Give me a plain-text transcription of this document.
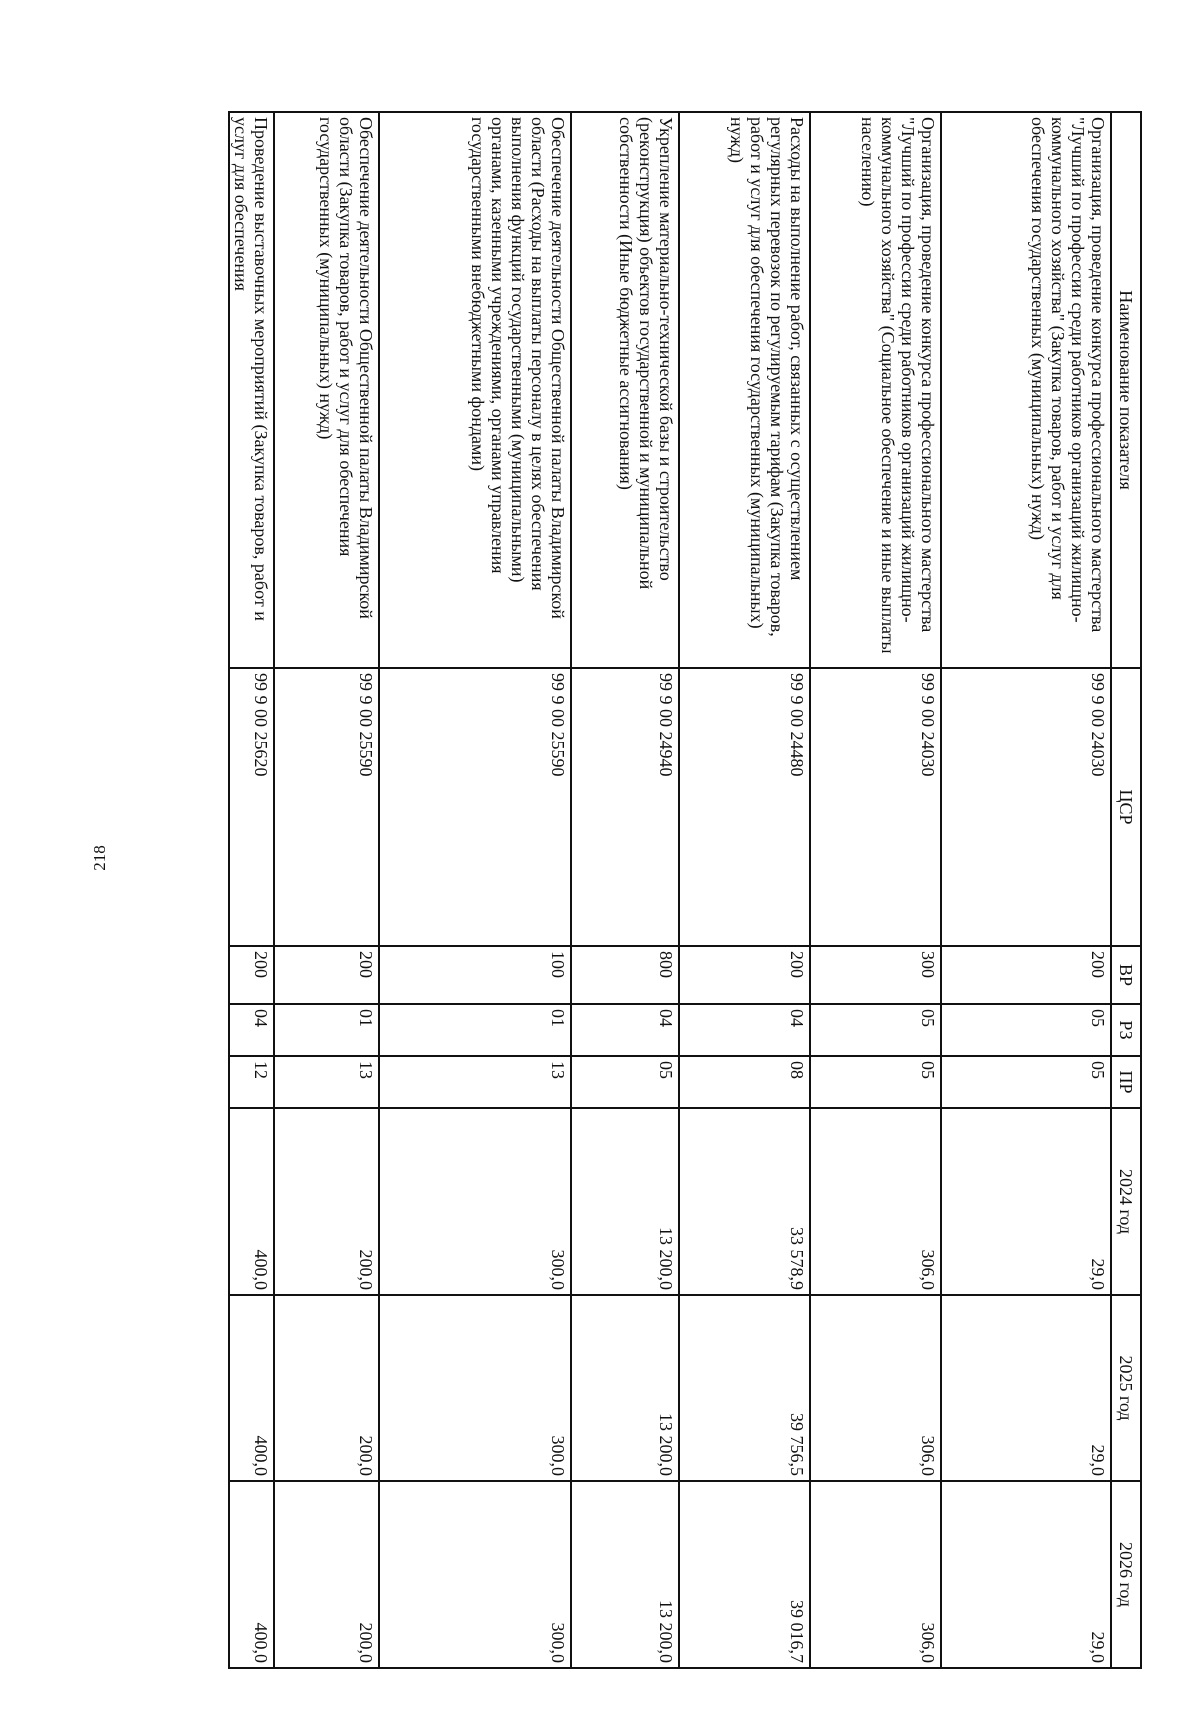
218
Наименование показателя	ЦСР	ВР	РЗ	ПР	2024 год	2025 год	2026 год
Организация, проведение конкурса профессионального мастерства "Лучший по профессии среди работников организаций жилищно-коммунального хозяйства" (Закупка товаров, работ и услуг для обеспечения государственных (муниципальных) нужд)	99 9 00 24030	200	05	05	29,0	29,0	29,0
Организация, проведение конкурса профессионального мастерства "Лучший по профессии среди работников организаций жилищно-коммунального хозяйства" (Социальное обеспечение и иные выплаты населению)	99 9 00 24030	300	05	05	306,0	306,0	306,0
Расходы на выполнение работ, связанных с осуществлением регулярных перевозок по регулируемым тарифам (Закупка товаров, работ и услуг для обеспечения государственных (муниципальных) нужд)	99 9 00 24480	200	04	08	33 578,9	39 756,5	39 016,7
Укрепление материально-технической базы и строительство (реконструкция) объектов государственной и муниципальной собственности (Иные бюджетные ассигнования)	99 9 00 24940	800	04	05	13 200,0	13 200,0	13 200,0
Обеспечение деятельности Общественной палаты Владимирской области (Расходы на выплаты персоналу в целях обеспечения выполнения функций государственными (муниципальными) органами, казенными учреждениями, органами управления государственными внебюджетными фондами)	99 9 00 25590	100	01	13	300,0	300,0	300,0
Обеспечение деятельности Общественной палаты Владимирской области (Закупка товаров, работ и услуг для обеспечения государственных (муниципальных) нужд)	99 9 00 25590	200	01	13	200,0	200,0	200,0
Проведение выставочных мероприятий (Закупка товаров, работ и услуг для обеспечения	99 9 00 25620	200	04	12	400,0	400,0	400,0
